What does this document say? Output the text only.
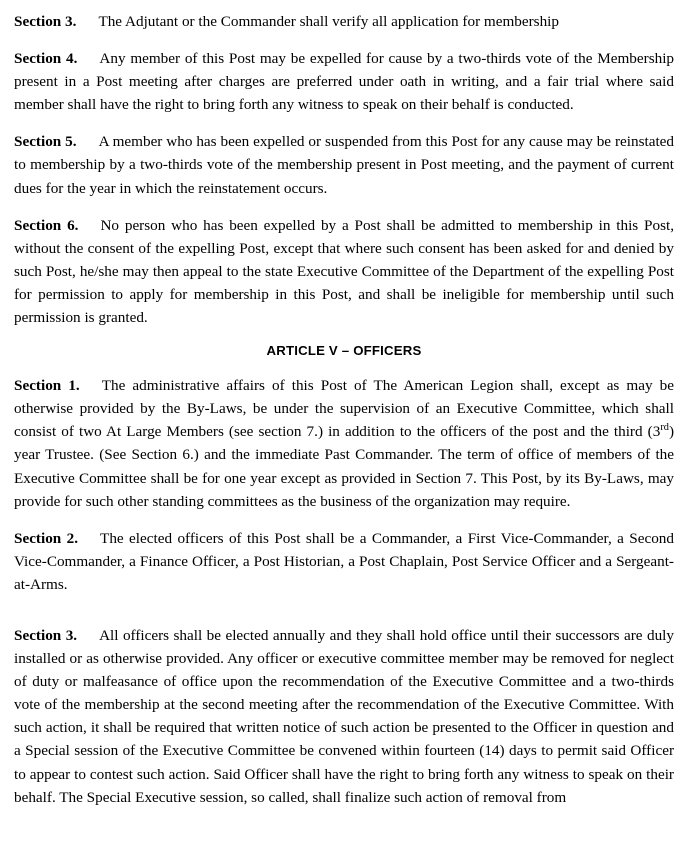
Section 3. The Adjutant or the Commander shall verify all application for membership

Section 4. Any member of this Post may be expelled for cause by a two-thirds vote of the Membership present in a Post meeting after charges are preferred under oath in writing, and a fair trial where said member shall have the right to bring forth any witness to speak on their behalf is conducted.

Section 5. A member who has been expelled or suspended from this Post for any cause may be reinstated to membership by a two-thirds vote of the membership present in Post meeting, and the payment of current dues for the year in which the reinstatement occurs.

Section 6. No person who has been expelled by a Post shall be admitted to membership in this Post, without the consent of the expelling Post, except that where such consent has been asked for and denied by such Post, he/she may then appeal to the state Executive Committee of the Department of the expelling Post for permission to apply for membership in this Post, and shall be ineligible for membership until such permission is granted.

ARTICLE V – OFFICERS

Section 1. The administrative affairs of this Post of The American Legion shall, except as may be otherwise provided by the By-Laws, be under the supervision of an Executive Committee, which shall consist of two At Large Members (see section 7.) in addition to the officers of the post and the third (3rd) year Trustee. (See Section 6.) and the immediate Past Commander. The term of office of members of the Executive Committee shall be for one year except as provided in Section 7. This Post, by its By-Laws, may provide for such other standing committees as the business of the organization may require.

Section 2. The elected officers of this Post shall be a Commander, a First Vice-Commander, a Second Vice-Commander, a Finance Officer, a Post Historian, a Post Chaplain, Post Service Officer and a Sergeant-at-Arms.

Section 3. All officers shall be elected annually and they shall hold office until their successors are duly installed or as otherwise provided. Any officer or executive committee member may be removed for neglect of duty or malfeasance of office upon the recommendation of the Executive Committee and a two-thirds vote of the membership at the second meeting after the recommendation of the Executive Committee. With such action, it shall be required that written notice of such action be presented to the Officer in question and a Special session of the Executive Committee be convened within fourteen (14) days to permit said Officer to appear to contest such action. Said Officer shall have the right to bring forth any witness to speak on their behalf. The Special Executive session, so called, shall finalize such action of removal from
